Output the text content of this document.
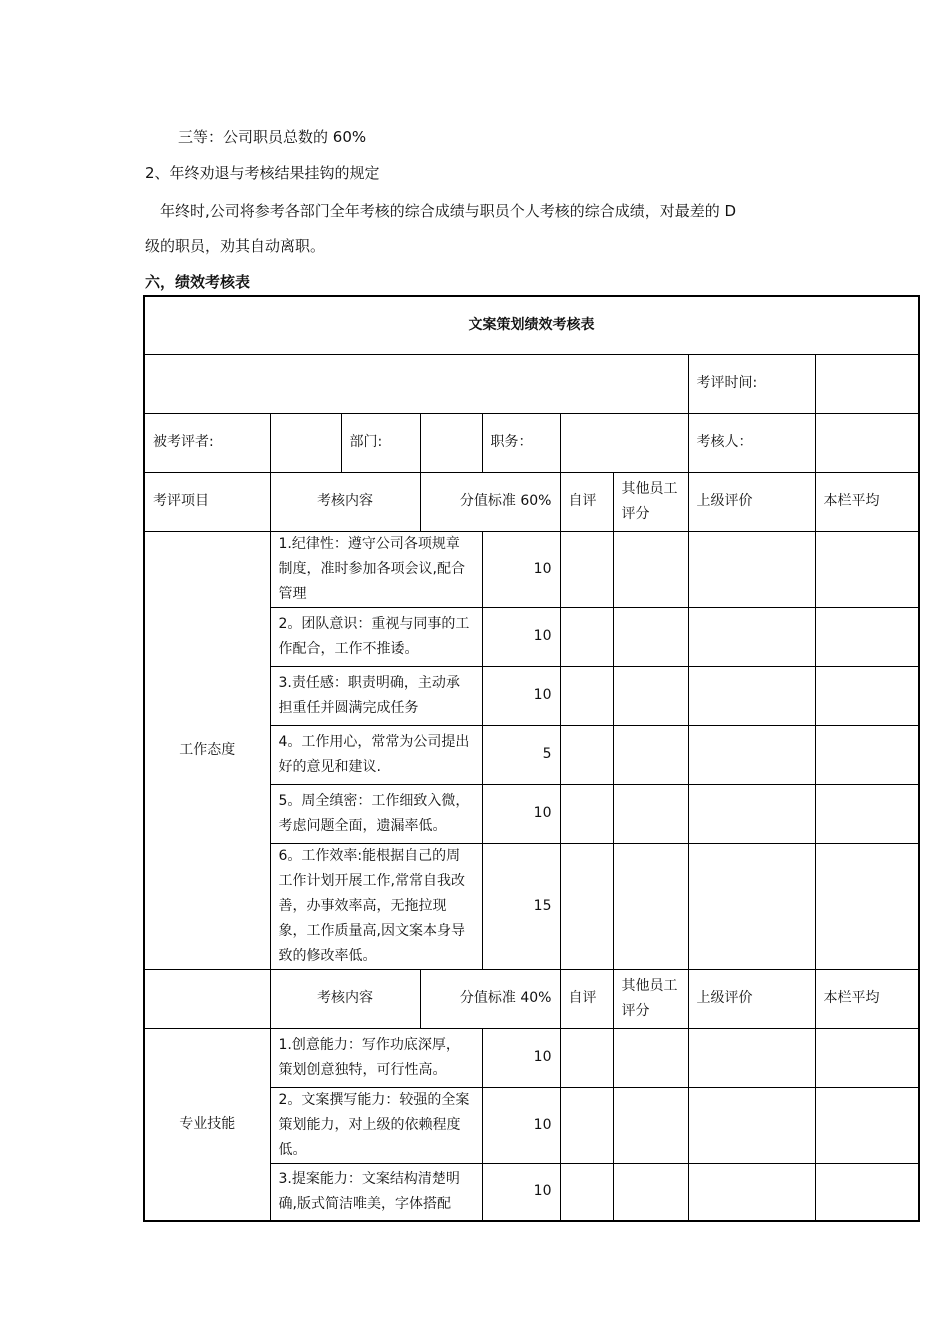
三等：公司职员总数的 60%
2、年终劝退与考核结果挂钩的规定
年终时,公司将参考各部门全年考核的综合成绩与职员个人考核的综合成绩，对最差的 D
级的职员，劝其自动离职。
六，绩效考核表
文案策划绩效考核表								
							考评时间:	
被考评者:		部门:		职务：			考核人：	
考评项目	考核内容		分值标准 60%		自评	其他员工评分	上级评价	本栏平均
工作态度	1.纪律性：遵守公司各项规章制度，准时参加各项会议,配合管理			10				
	2。团队意识：重视与同事的工作配合，工作不推诿。			10				
	3.责任感：职责明确，主动承担重任并圆满完成任务			10				
	4。工作用心，常常为公司提出好的意见和建议.			5				
	5。周全缜密：工作细致入微，考虑问题全面，遗漏率低。			10				
	6。工作效率:能根据自己的周工作计划开展工作,常常自我改善，办事效率高，无拖拉现象，工作质量高,因文案本身导致的修改率低。			15				
	考核内容		分值标准 40%		自评	其他员工评分	上级评价	本栏平均
专业技能	1.创意能力：写作功底深厚，策划创意独特，可行性高。			10				
	2。文案撰写能力：较强的全案策划能力，对上级的依赖程度低。			10				
	3.提案能力：文案结构清楚明确,版式简洁唯美，字体搭配			10				
